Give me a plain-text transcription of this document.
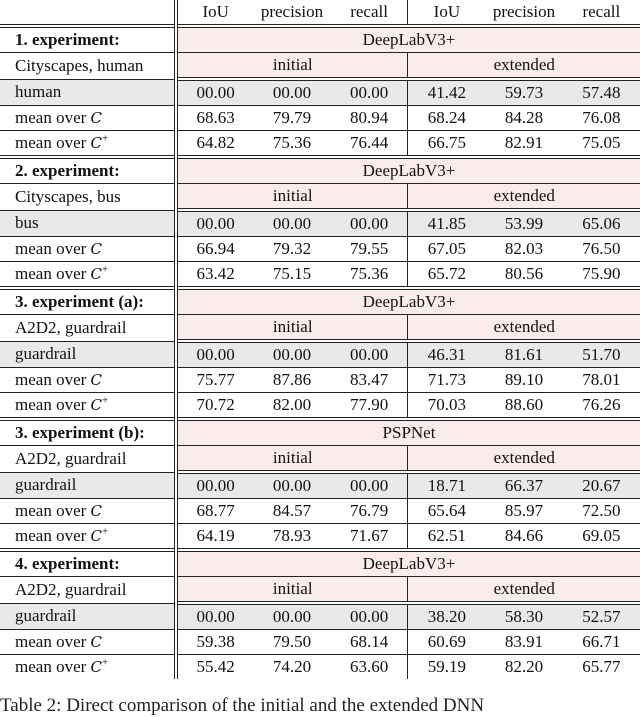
	IoU	precision	recall	IoU	precision	recall
1. experiment:	DeepLabV3+					
Cityscapes, human	initial			extended		
human	00.00	00.00	00.00	41.42	59.73	57.48
mean over C	68.63	79.79	80.94	68.24	84.28	76.08
mean over C+	64.82	75.36	76.44	66.75	82.91	75.05
2. experiment:	DeepLabV3+					
Cityscapes, bus	initial			extended		
bus	00.00	00.00	00.00	41.85	53.99	65.06
mean over C	66.94	79.32	79.55	67.05	82.03	76.50
mean over C+	63.42	75.15	75.36	65.72	80.56	75.90
3. experiment (a):	DeepLabV3+					
A2D2, guardrail	initial			extended		
guardrail	00.00	00.00	00.00	46.31	81.61	51.70
mean over C	75.77	87.86	83.47	71.73	89.10	78.01
mean over C+	70.72	82.00	77.90	70.03	88.60	76.26
3. experiment (b):	PSPNet					
A2D2, guardrail	initial			extended		
guardrail	00.00	00.00	00.00	18.71	66.37	20.67
mean over C	68.77	84.57	76.79	65.64	85.97	72.50
mean over C+	64.19	78.93	71.67	62.51	84.66	69.05
4. experiment:	DeepLabV3+					
A2D2, guardrail	initial			extended		
guardrail	00.00	00.00	00.00	38.20	58.30	52.57
mean over C	59.38	79.50	68.14	60.69	83.91	66.71
mean over C+	55.42	74.20	63.60	59.19	82.20	65.77
Table 2: Direct comparison of the initial and the extended DNN
